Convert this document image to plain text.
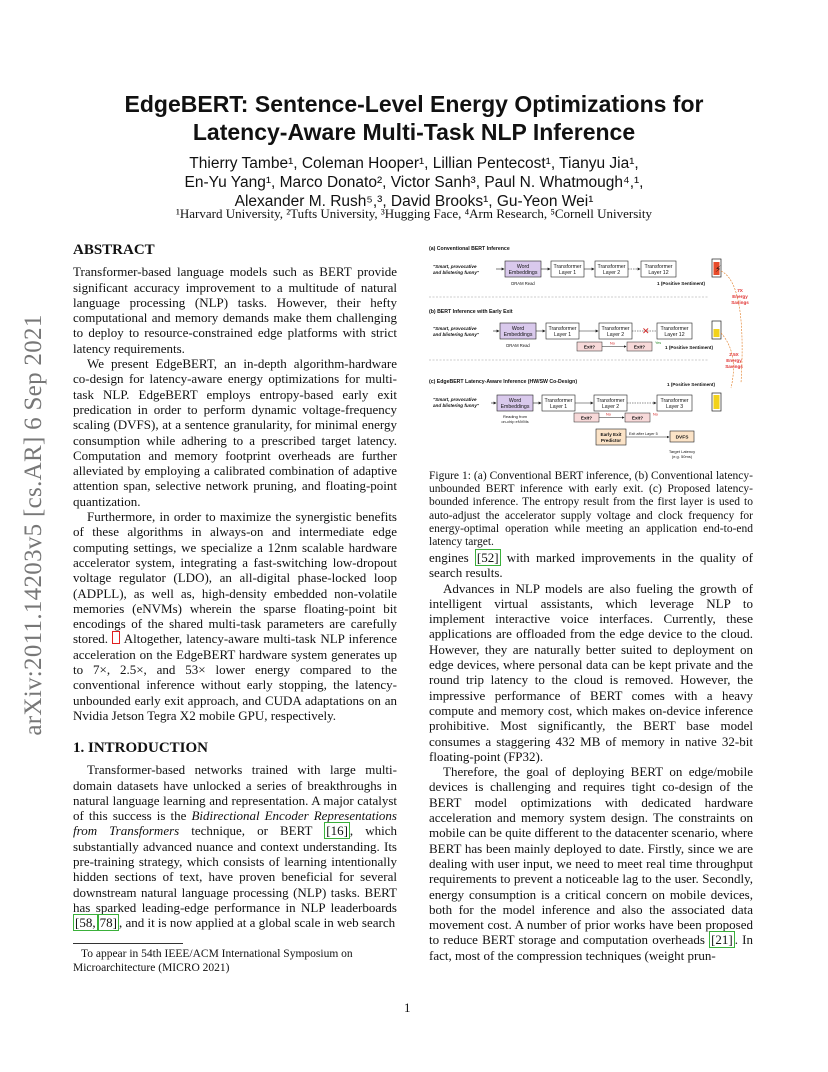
arXiv:2011.14203v5 [cs.AR] 6 Sep 2021
EdgeBERT: Sentence-Level Energy Optimizations for
Latency-Aware Multi-Task NLP Inference
Thierry Tambe¹, Coleman Hooper¹, Lillian Pentecost¹, Tianyu Jia¹,
En-Yu Yang¹, Marco Donato², Victor Sanh³, Paul N. Whatmough⁴,¹,
Alexander M. Rush⁵,³, David Brooks¹, Gu-Yeon Wei¹
¹Harvard University, ²Tufts University, ³Hugging Face, ⁴Arm Research, ⁵Cornell University
ABSTRACT

Transformer-based language models such as BERT provide significant accuracy improvement to a multitude of natural language processing (NLP) tasks. However, their hefty computational and memory demands make them challenging to deploy to resource-constrained edge platforms with strict latency requirements.

We present EdgeBERT, an in-depth algorithm-hardware co-design for latency-aware energy optimizations for multi-task NLP. EdgeBERT employs entropy-based early exit predication in order to perform dynamic voltage-frequency scaling (DVFS), at a sentence granularity, for minimal energy consumption while adhering to a prescribed target latency. Computation and memory footprint overheads are further alleviated by employing a calibrated combination of adaptive attention span, selective network pruning, and floating-point quantization.

Furthermore, in order to maximize the synergistic benefits of these algorithms in always-on and intermediate edge computing settings, we specialize a 12nm scalable hardware accelerator system, integrating a fast-switching low-dropout voltage regulator (LDO), an all-digital phase-locked loop (ADPLL), as well as, high-density embedded non-volatile memories (eNVMs) wherein the sparse floating-point bit encodings of the shared multi-task parameters are carefully stored. Altogether, latency-aware multi-task NLP inference acceleration on the EdgeBERT hardware system generates up to 7×, 2.5×, and 53× lower energy compared to the conventional inference without early stopping, the latency-unbounded early exit approach, and CUDA adaptations on an Nvidia Jetson Tegra X2 mobile GPU, respectively.

1. INTRODUCTION

Transformer-based networks trained with large multi-domain datasets have unlocked a series of breakthroughs in natural language learning and representation. A major catalyst of this success is the Bidirectional Encoder Representations from Transformers technique, or BERT [16] , which substantially advanced nuance and context understanding. Its pre-training strategy, which consists of learning intentionally hidden sections of text, have proven beneficial for several downstream natural language processing (NLP) tasks. BERT has sparked leading-edge performance in NLP leaderboards [58, 78] , and it is now applied at a global scale in web search

To appear in 54th IEEE/ACM International Symposium on Microarchitecture (MICRO 2021)
(a) Conventional BERT Inference
"Smart, provocative
and blistering funny"
Word
Embeddings
Transformer
Layer 1
Transformer
Layer 2
Transformer
Layer 12
DRAM Read	1 (Positive Sentiment)
⚡
(b) BERT Inference with Early Exit
"Smart, provocative
and blistering funny"
Word
Embeddings
Transformer
Layer 1
Transformer
Layer 2
Transformer
Layer 12
✕
DRAM Read	Exit?	Exit?
No	Yes
1 (Positive Sentiment)
(c) EdgeBERT Latency-Aware Inference (HW/SW Co-Design)	1 (Positive Sentiment)
"Smart, provocative
and blistering funny"
Word
Embeddings
Transformer
Layer 1
Transformer
Layer 2
Transformer
Layer 3
Reading from
on-chip eNVMs
Exit?	Exit?
No	No
Early Exit
Predictor
Exit after Layer 5
DVFS
Target Latency
(e.g. 50ms)
7X
Energy
Savings
2.5X
Energy
Savings
Figure 1: (a) Conventional BERT inference, (b) Conventional latency-unbounded BERT inference with early exit. (c) Proposed latency-bounded inference. The entropy result from the first layer is used to auto-adjust the accelerator supply voltage and clock frequency for energy-optimal operation while meeting an application end-to-end latency target.

engines [52] with marked improvements in the quality of search results.

Advances in NLP models are also fueling the growth of intelligent virtual assistants, which leverage NLP to implement interactive voice interfaces. Currently, these applications are offloaded from the edge device to the cloud. However, they are naturally better suited to deployment on edge devices, where personal data can be kept private and the round trip latency to the cloud is removed. However, the impressive performance of BERT comes with a heavy compute and memory cost, which makes on-device inference prohibitive. Most significantly, the BERT base model consumes a staggering 432 MB of memory in native 32-bit floating-point (FP32).

Therefore, the goal of deploying BERT on edge/mobile devices is challenging and requires tight co-design of the BERT model optimizations with dedicated hardware acceleration and memory system design. The constraints on mobile can be quite different to the datacenter scenario, where BERT has been mainly deployed to date. Firstly, since we are dealing with user input, we need to meet real time throughput requirements to prevent a noticeable lag to the user. Secondly, energy consumption is a critical concern on mobile devices, both for the model inference and also the associated data movement cost. A number of prior works have been proposed to reduce BERT storage and computation overheads [21] . In fact, most of the compression techniques (weight prun-

1
